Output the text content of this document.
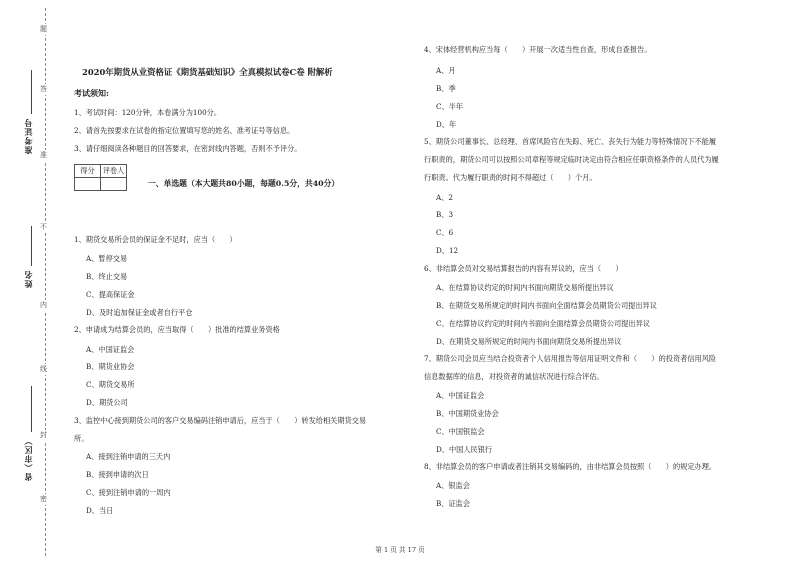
题
答
准
不
内
线
封
密
准考证号
姓名
省（市区）
2020年期货从业资格证《期货基础知识》全真模拟试卷C卷 附解析
考试须知:
1、考试时间：120分钟，本卷满分为100分。
2、请首先按要求在试卷的指定位置填写您的姓名、准考证号等信息。
3、请仔细阅读各种题目的回答要求，在密封线内答题，否则不予评分。
得分	评卷人

一、单选题（本大题共80小题，每题0.5分，共40分）
1、期货交易所会员的保证金不足时，应当（　　）
A、暂停交易
B、终止交易
C、提高保证金
D、及时追加保证金或者自行平仓
2、申请成为结算会员的，应当取得（　　）批准的结算业务资格
A、中国证监会
B、期货业协会
C、期货交易所
D、期货公司
3、监控中心接到期货公司的客户交易编码注销申请后，应当于（　　）转发给相关期货交易
所。
A、接到注销申请的三天内
B、接到申请的次日
C、接到注销申请的一周内
D、当日
4、宋体经营机构应当每（　　）开展一次适当性自查，形成自查报告。
A、月
B、季
C、半年
D、年
5、期货公司董事长、总经理、首席风险官在失踪、死亡、丧失行为能力等特殊情况下不能履
行职责的，期货公司可以按照公司章程等规定临时决定由符合相应任职资格条件的人员代为履
行职责。代为履行职责的时间不得超过（　　）个月。
A、2
B、3
C、6
D、12
6、非结算会员对交易结算报告的内容有异议的，应当（　　）
A、在结算协议约定的时间内书面向期货交易所提出异议
B、在期货交易所规定的时间内书面向全面结算会员期货公司提出异议
C、在结算协议约定的时间内书面向全面结算会员期货公司提出异议
D、在期货交易所规定的时间内书面向期货交易所提出异议
7、期货公司会员应当结合投资者个人信用报告等信用证明文件和（　　）的投资者信用风险
信息数据库的信息，对投资者的诚信状况进行综合评估。
A、中国证监会
B、中国期货业协会
C、中国银监会
D、中国人民银行
8、非结算会员的客户申请或者注销其交易编码的，由非结算会员按照（　　）的规定办理。
A、银监会
B、证监会
第 1 页 共 17 页
